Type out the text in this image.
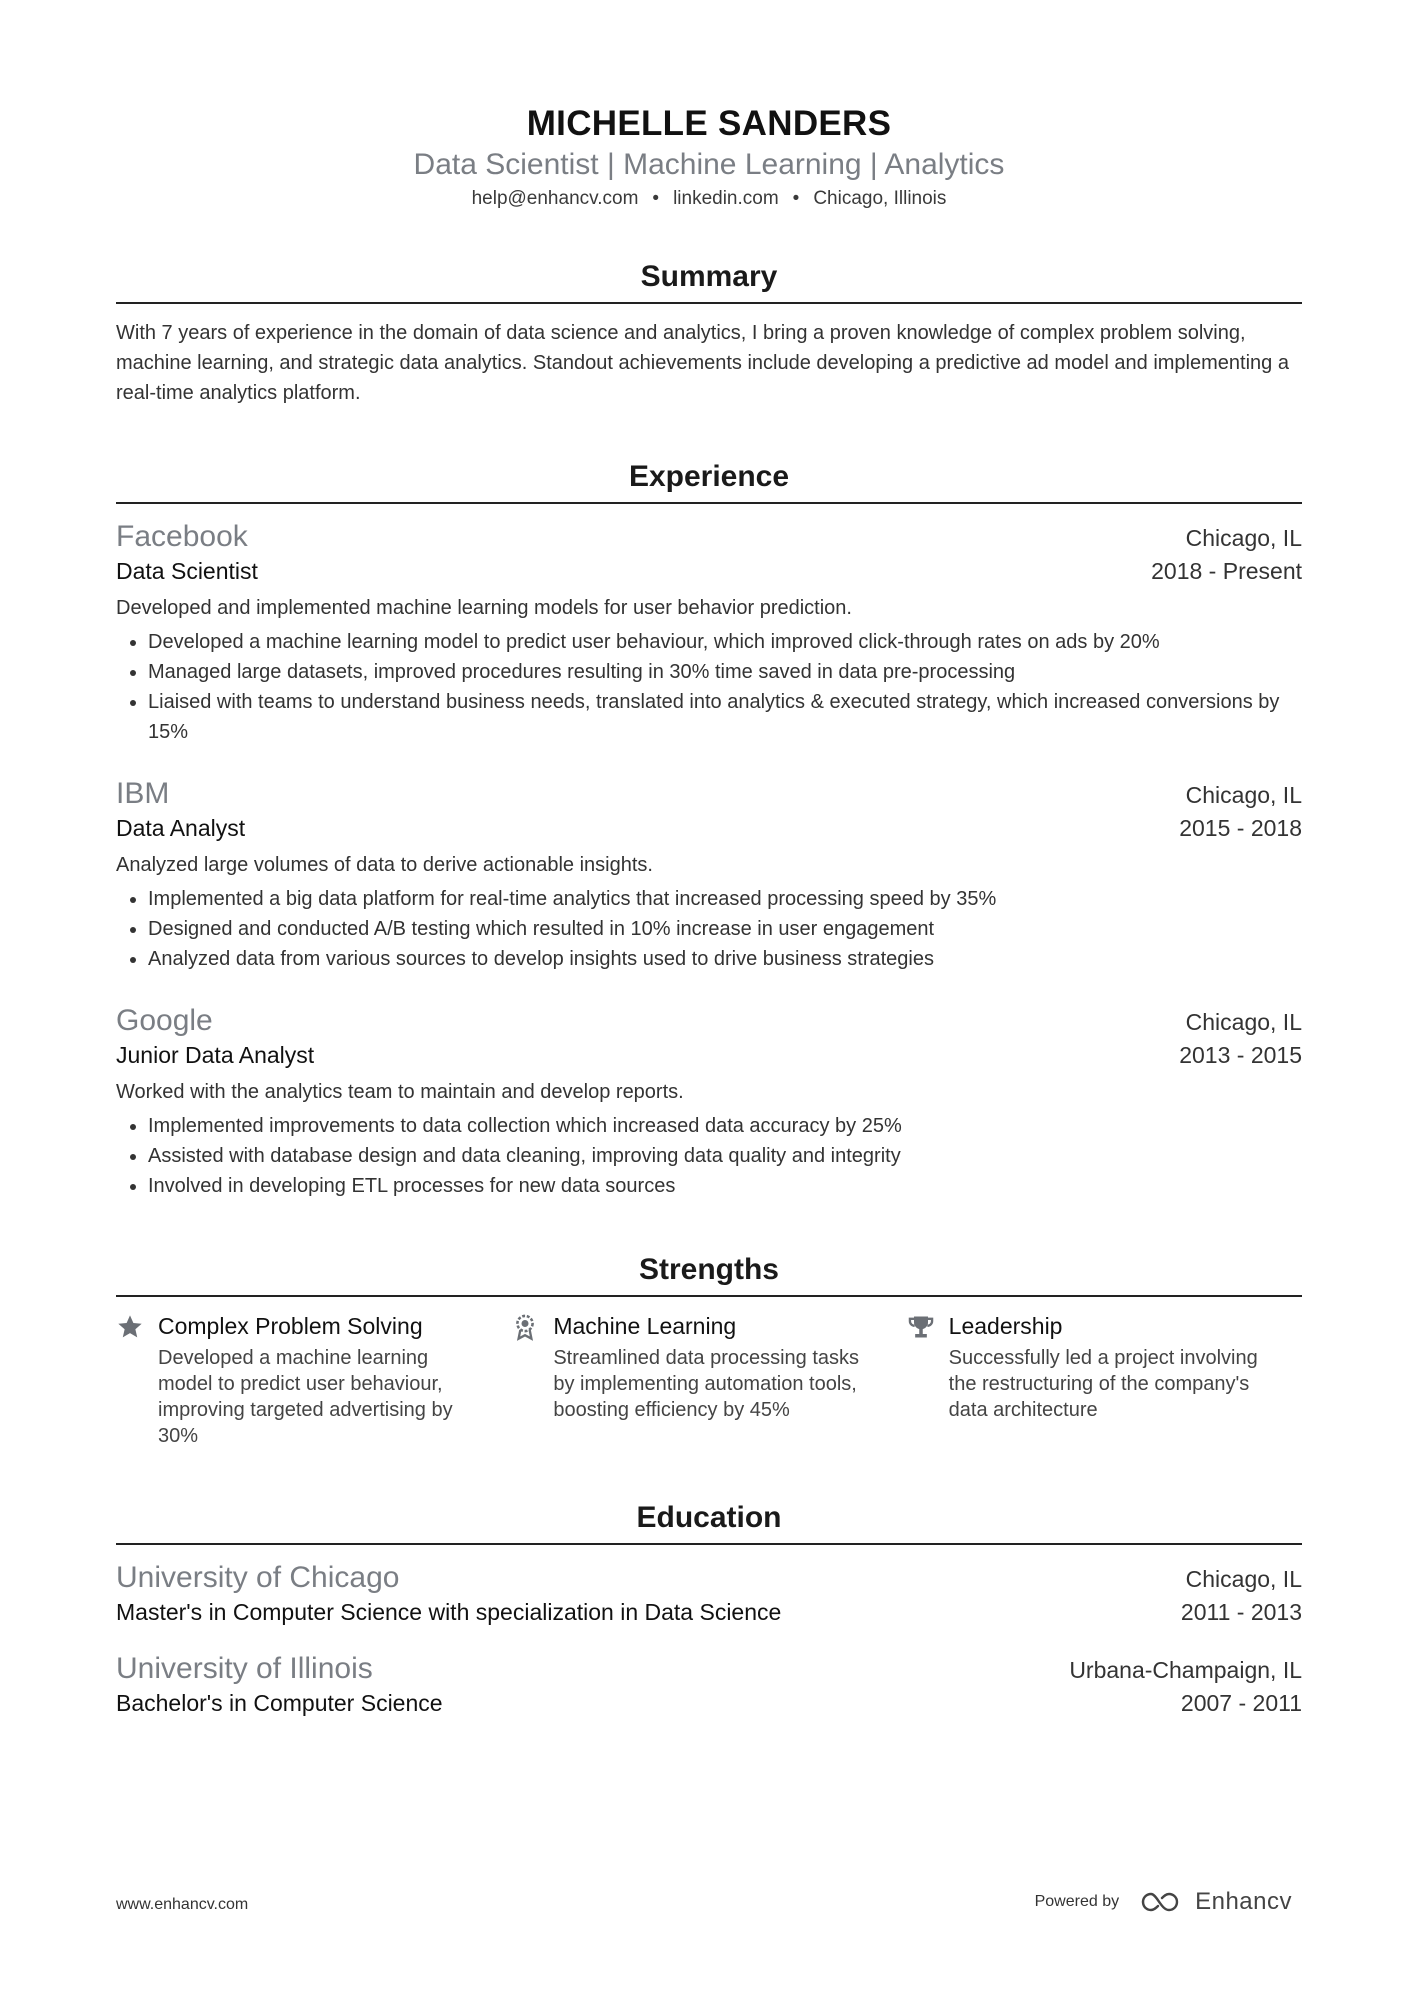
MICHELLE SANDERS
Data Scientist | Machine Learning | Analytics
help@enhancv.com • linkedin.com • Chicago, Illinois
Summary
With 7 years of experience in the domain of data science and analytics, I bring a proven knowledge of complex problem solving, machine learning, and strategic data analytics. Standout achievements include developing a predictive ad model and implementing a real-time analytics platform.
Experience
Facebook	Chicago, IL
Data Scientist	2018 - Present
Developed and implemented machine learning models for user behavior prediction.
• Developed a machine learning model to predict user behaviour, which improved click-through rates on ads by 20%
• Managed large datasets, improved procedures resulting in 30% time saved in data pre-processing
• Liaised with teams to understand business needs, translated into analytics & executed strategy, which increased conversions by 15%
IBM	Chicago, IL
Data Analyst	2015 - 2018
Analyzed large volumes of data to derive actionable insights.
• Implemented a big data platform for real-time analytics that increased processing speed by 35%
• Designed and conducted A/B testing which resulted in 10% increase in user engagement
• Analyzed data from various sources to develop insights used to drive business strategies
Google	Chicago, IL
Junior Data Analyst	2013 - 2015
Worked with the analytics team to maintain and develop reports.
• Implemented improvements to data collection which increased data accuracy by 25%
• Assisted with database design and data cleaning, improving data quality and integrity
• Involved in developing ETL processes for new data sources
Strengths
Complex Problem Solving
Developed a machine learning model to predict user behaviour, improving targeted advertising by 30%
Machine Learning
Streamlined data processing tasks by implementing automation tools, boosting efficiency by 45%
Leadership
Successfully led a project involving the restructuring of the company's data architecture
Education
University of Chicago	Chicago, IL
Master's in Computer Science with specialization in Data Science	2011 - 2013
University of Illinois	Urbana-Champaign, IL
Bachelor's in Computer Science	2007 - 2011
www.enhancv.com	Powered by	Enhancv
